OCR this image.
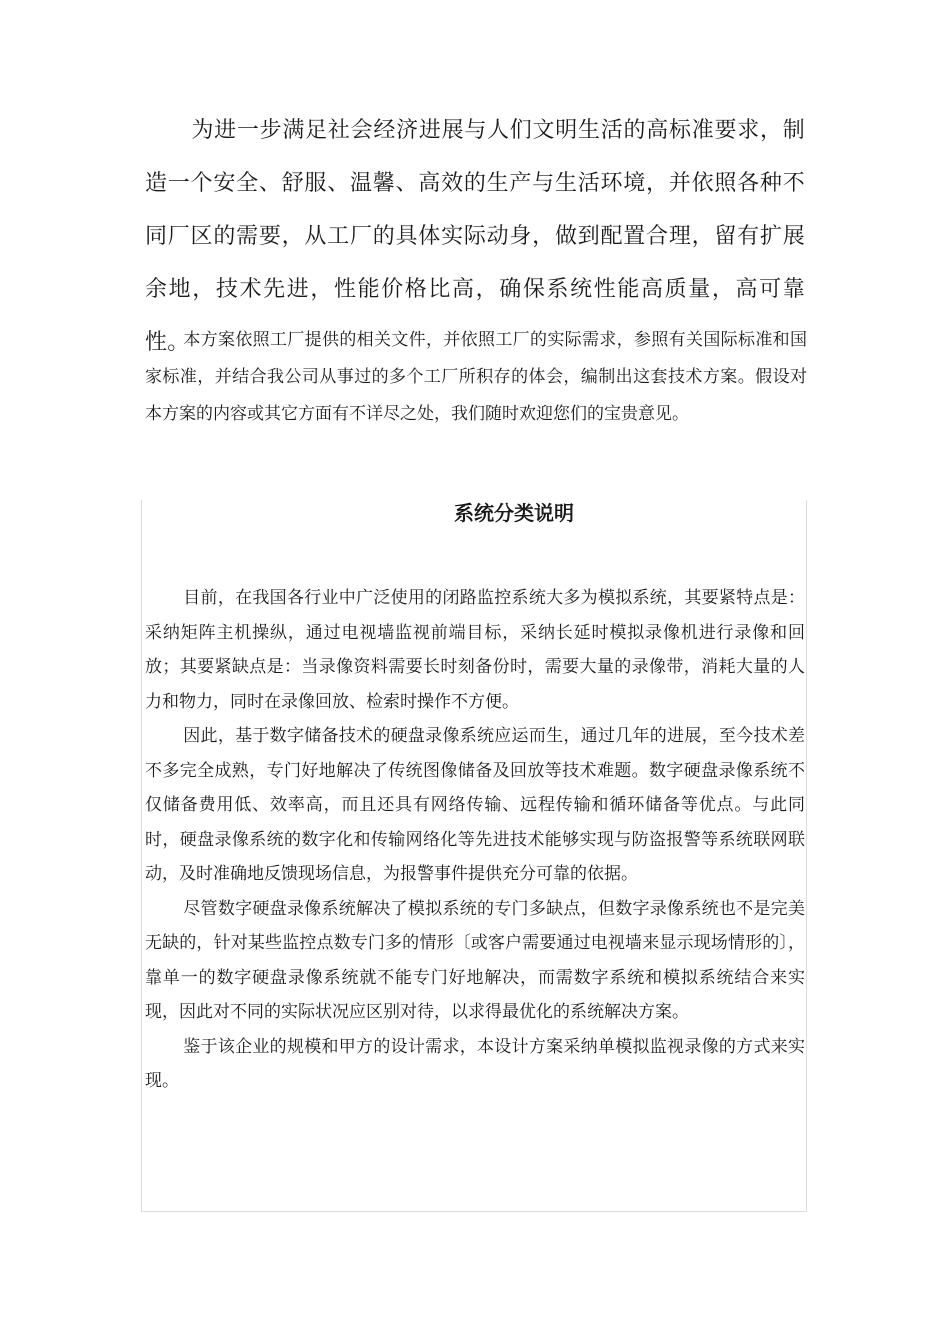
为进一步满足社会经济进展与人们文明生活的高标准要求，制造一个安全、舒服、温馨、高效的生产与生活环境，并依照各种不同厂区的需要，从工厂的具体实际动身，做到配置合理，留有扩展余地，技术先进，性能价格比高，确保系统性能高质量，高可靠性。

本方案依照工厂提供的相关文件，并依照工厂的实际需求，参照有关国际标准和国家标准，并结合我公司从事过的多个工厂所积存的体会，编制出这套技术方案。假设对本方案的内容或其它方面有不详尽之处，我们随时欢迎您们的宝贵意见。

系统分类说明

目前，在我国各行业中广泛使用的闭路监控系统大多为模拟系统，其要紧特点是：采纳矩阵主机操纵，通过电视墙监视前端目标，采纳长延时模拟录像机进行录像和回放；其要紧缺点是：当录像资料需要长时刻备份时，需要大量的录像带，消耗大量的人力和物力，同时在录像回放、检索时操作不方便。

因此，基于数字储备技术的硬盘录像系统应运而生，通过几年的进展，至今技术差不多完全成熟，专门好地解决了传统图像储备及回放等技术难题。数字硬盘录像系统不仅储备费用低、效率高，而且还具有网络传输、远程传输和循环储备等优点。与此同时，硬盘录像系统的数字化和传输网络化等先进技术能够实现与防盗报警等系统联网联动，及时准确地反馈现场信息，为报警事件提供充分可靠的依据。

尽管数字硬盘录像系统解决了模拟系统的专门多缺点，但数字录像系统也不是完美无缺的，针对某些监控点数专门多的情形〔或客户需要通过电视墙来显示现场情形的〕，靠单一的数字硬盘录像系统就不能专门好地解决，而需数字系统和模拟系统结合来实现，因此对不同的实际状况应区别对待，以求得最优化的系统解决方案。

鉴于该企业的规模和甲方的设计需求，本设计方案采纳单模拟监视录像的方式来实现。
